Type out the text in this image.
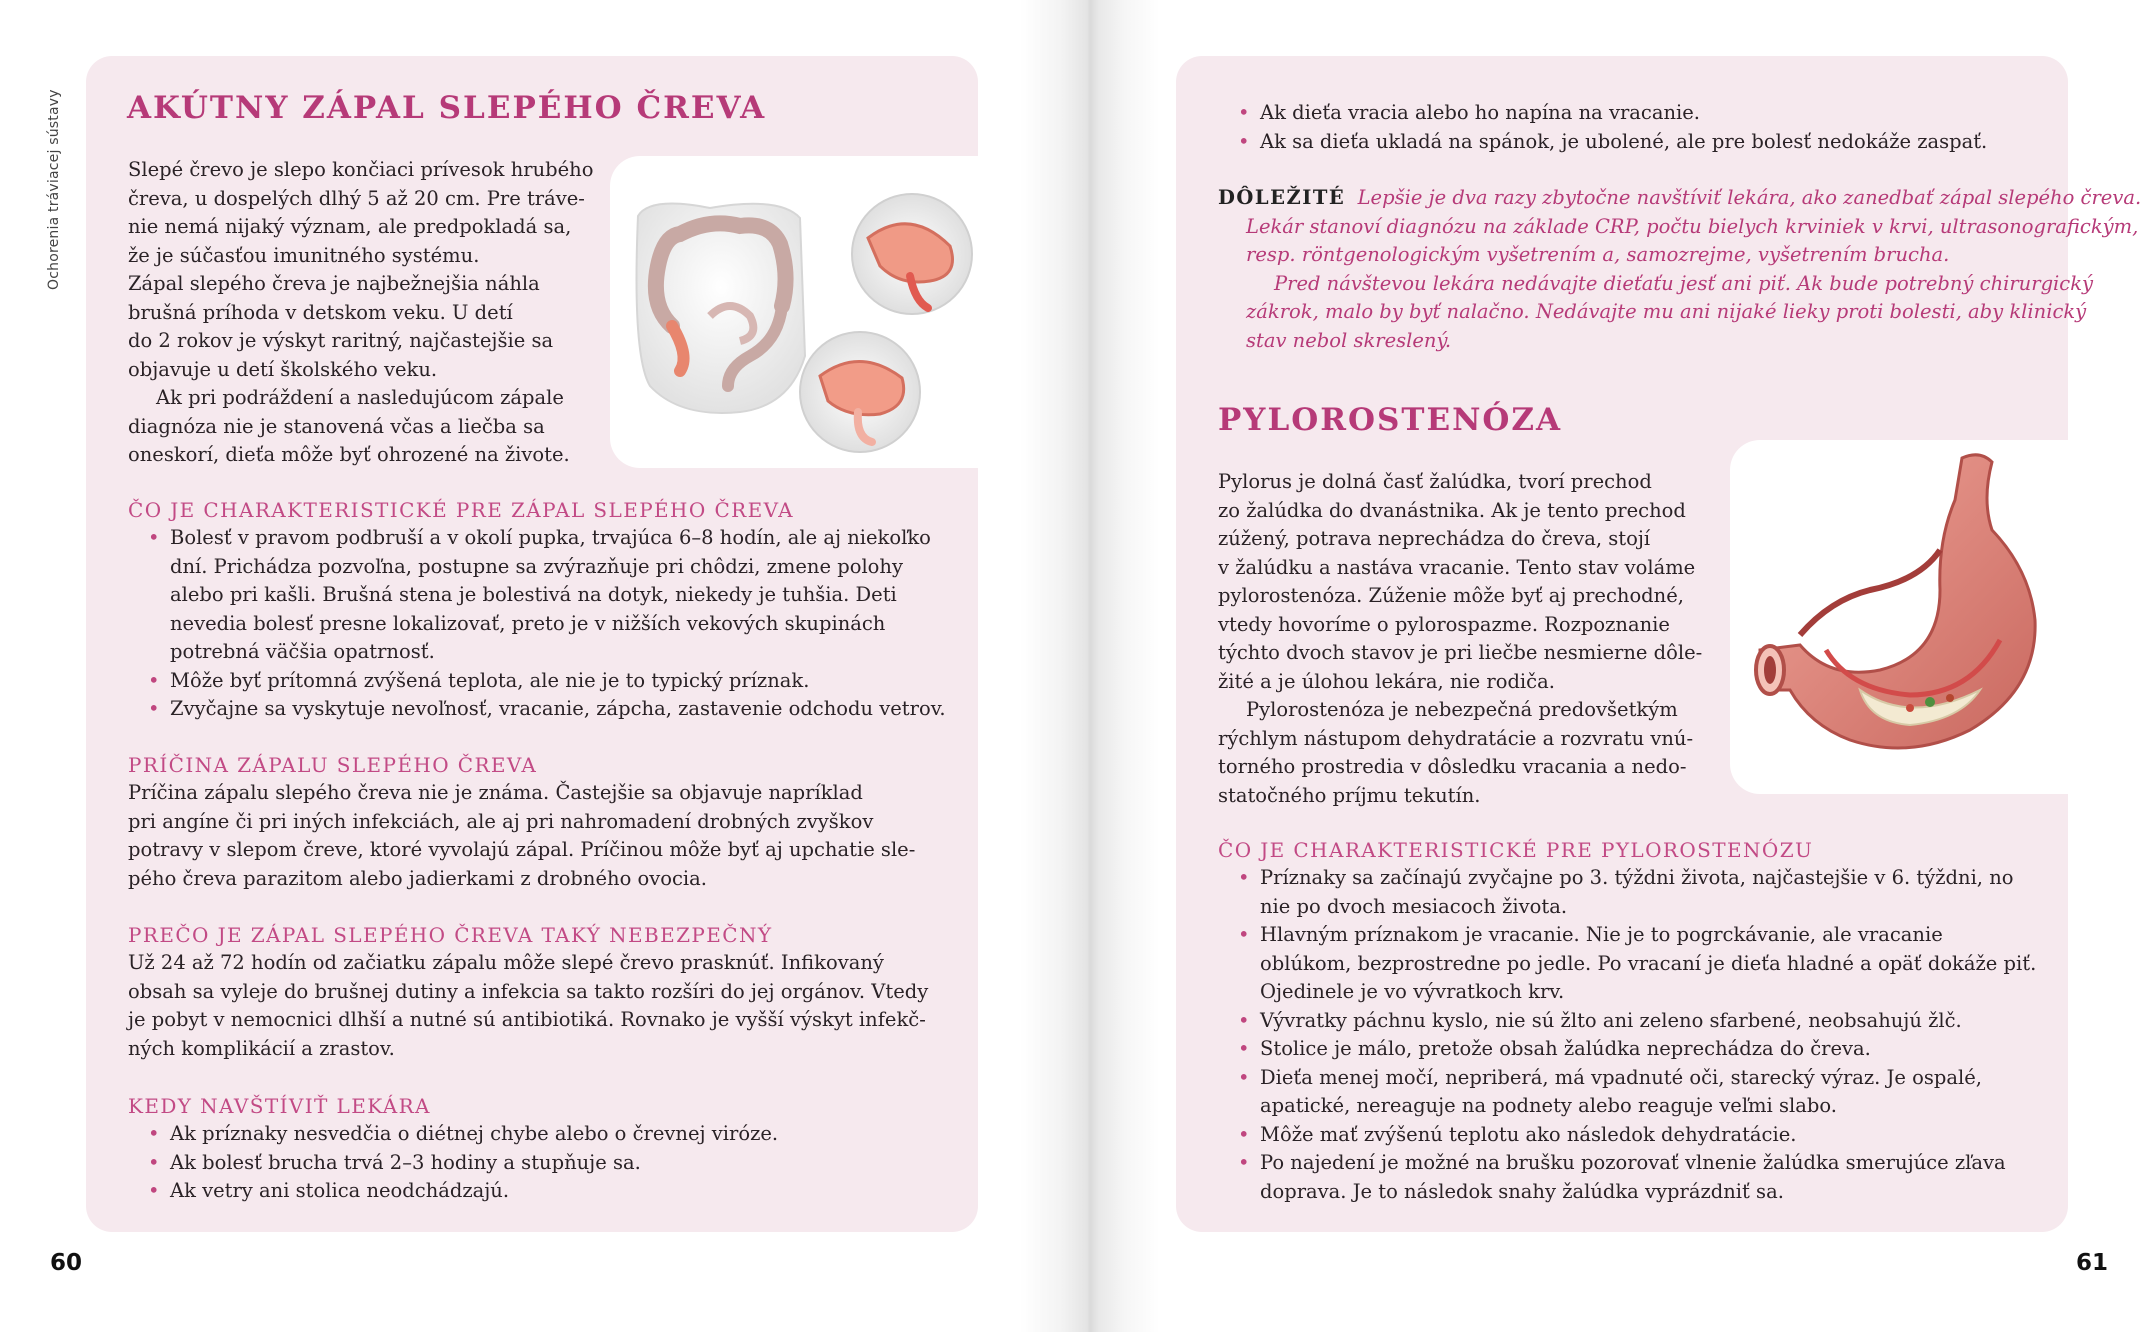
Ochorenia tráviacej sústavy AKÚTNY ZÁPAL SLEPÉHO ČREVA

Slepé črevo je slepo končiaci prívesok hrubého

čreva, u dospelých dlhý 5 až 20 cm. Pre tráve-

nie nemá nijaký význam, ale predpokladá sa,

že je súčasťou imunitného systému.

Zápal slepého čreva je najbežnejšia náhla

brušná príhoda v detskom veku. U detí

do 2 rokov je výskyt raritný, najčastejšie sa

objavuje u detí školského veku.

Ak pri podráždení a nasledujúcom zápale

diagnóza nie je stanovená včas a liečba sa

oneskorí, dieťa môže byť ohrozené na živote.

ČO JE CHARAKTERISTICKÉ PRE ZÁPAL SLEPÉHO ČREVA
• Bolesť v pravom podbruší a v okolí pupka, trvajúca 6–8 hodín, ale aj niekoľko
dní. Prichádza pozvoľna, postupne sa zvýrazňuje pri chôdzi, zmene polohy
alebo pri kašli. Brušná stena je bolestivá na dotyk, niekedy je tuhšia. Deti
nevedia bolesť presne lokalizovať, preto je v nižších vekových skupinách
potrebná väčšia opatrnosť.
• Môže byť prítomná zvýšená teplota, ale nie je to typický príznak.
• Zvyčajne sa vyskytuje nevoľnosť, vracanie, zápcha, zastavenie odchodu vetrov.
PRÍČINA ZÁPALU SLEPÉHO ČREVA

Príčina zápalu slepého čreva nie je známa. Častejšie sa objavuje napríklad

pri angíne či pri iných infekciách, ale aj pri nahromadení drobných zvyškov

potravy v slepom čreve, ktoré vyvolajú zápal. Príčinou môže byť aj upchatie sle-

pého čreva parazitom alebo jadierkami z drobného ovocia.

PREČO JE ZÁPAL SLEPÉHO ČREVA TAKÝ NEBEZPEČNÝ

Už 24 až 72 hodín od začiatku zápalu môže slepé črevo prasknúť. Infikovaný

obsah sa vyleje do brušnej dutiny a infekcia sa takto rozšíri do jej orgánov. Vtedy

je pobyt v nemocnici dlhší a nutné sú antibiotiká. Rovnako je vyšší výskyt infekč-

ných komplikácií a zrastov.

KEDY NAVŠTÍVIŤ LEKÁRA
• Ak príznaky nesvedčia o diétnej chybe alebo o črevnej viróze.
• Ak bolesť brucha trvá 2–3 hodiny a stupňuje sa.
• Ak vetry ani stolica neodchádzajú.
60
• Ak dieťa vracia alebo ho napína na vracanie.
• Ak sa dieťa ukladá na spánok, je ubolené, ale pre bolesť nedokáže zaspať.

DÔLEŽITÉ Lepšie je dva razy zbytočne navštíviť lekára, ako zanedbať zápal slepého čreva.

Lekár stanoví diagnózu na základe CRP, počtu bielych krviniek v krvi, ultrasonografickým,

resp. röntgenologickým vyšetrením a, samozrejme, vyšetrením brucha.

Pred návštevou lekára nedávajte dieťaťu jesť ani piť. Ak bude potrebný chirurgický

zákrok, malo by byť nalačno. Nedávajte mu ani nijaké lieky proti bolesti, aby klinický

stav nebol skreslený.

PYLOROSTENÓZA

Pylorus je dolná časť žalúdka, tvorí prechod

zo žalúdka do dvanástnika. Ak je tento prechod

zúžený, potrava neprechádza do čreva, stojí

v žalúdku a nastáva vracanie. Tento stav voláme

pylorostenóza. Zúženie môže byť aj prechodné,

vtedy hovoríme o pylorospazme. Rozpoznanie

týchto dvoch stavov je pri liečbe nesmierne dôle-

žité a je úlohou lekára, nie rodiča.

Pylorostenóza je nebezpečná predovšetkým

rýchlym nástupom dehydratácie a rozvratu vnú-

torného prostredia v dôsledku vracania a nedo-

statočného príjmu tekutín.

ČO JE CHARAKTERISTICKÉ PRE PYLOROSTENÓZU
• Príznaky sa začínajú zvyčajne po 3. týždni života, najčastejšie v 6. týždni, no
nie po dvoch mesiacoch života.
• Hlavným príznakom je vracanie. Nie je to pogrckávanie, ale vracanie
oblúkom, bezprostredne po jedle. Po vracaní je dieťa hladné a opäť dokáže piť.
Ojedinele je vo vývratkoch krv.
• Vývratky páchnu kyslo, nie sú žlto ani zeleno sfarbené, neobsahujú žlč.
• Stolice je málo, pretože obsah žalúdka neprechádza do čreva.
• Dieťa menej močí, nepriberá, má vpadnuté oči, starecký výraz. Je ospalé,
apatické, nereaguje na podnety alebo reaguje veľmi slabo.
• Môže mať zvýšenú teplotu ako následok dehydratácie.
• Po najedení je možné na brušku pozorovať vlnenie žalúdka smerujúce zľava
doprava. Je to následok snahy žalúdka vyprázdniť sa.
61
